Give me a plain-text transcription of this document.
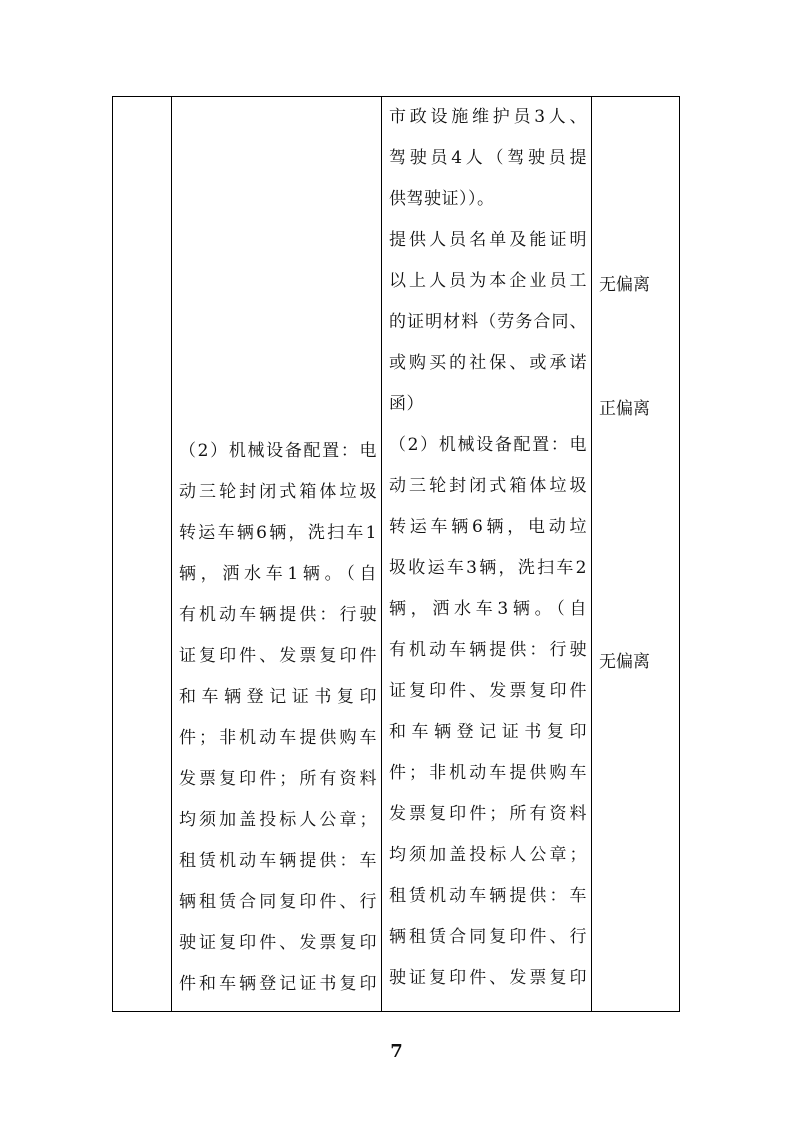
（2）机械设备配置：电
动三轮封闭式箱体垃圾
转运车辆6辆，洗扫车1
辆，洒水车1辆。（自
有机动车辆提供：行驶
证复印件、发票复印件
和车辆登记证书复印
件；非机动车提供购车
发票复印件；所有资料
均须加盖投标人公章；
租赁机动车辆提供：车
辆租赁合同复印件、行
驶证复印件、发票复印
件和车辆登记证书复印
市政设施维护员3人、
驾驶员4人（驾驶员提
供驾驶证））。
提供人员名单及能证明
以上人员为本企业员工
的证明材料（劳务合同、
或购买的社保、或承诺
函）
（2）机械设备配置：电
动三轮封闭式箱体垃圾
转运车辆6辆，电动垃
圾收运车3辆，洗扫车2
辆，洒水车3辆。（自
有机动车辆提供：行驶
证复印件、发票复印件
和车辆登记证书复印
件；非机动车提供购车
发票复印件；所有资料
均须加盖投标人公章；
租赁机动车辆提供：车
辆租赁合同复印件、行
驶证复印件、发票复印
无偏离
正偏离
无偏离
7
